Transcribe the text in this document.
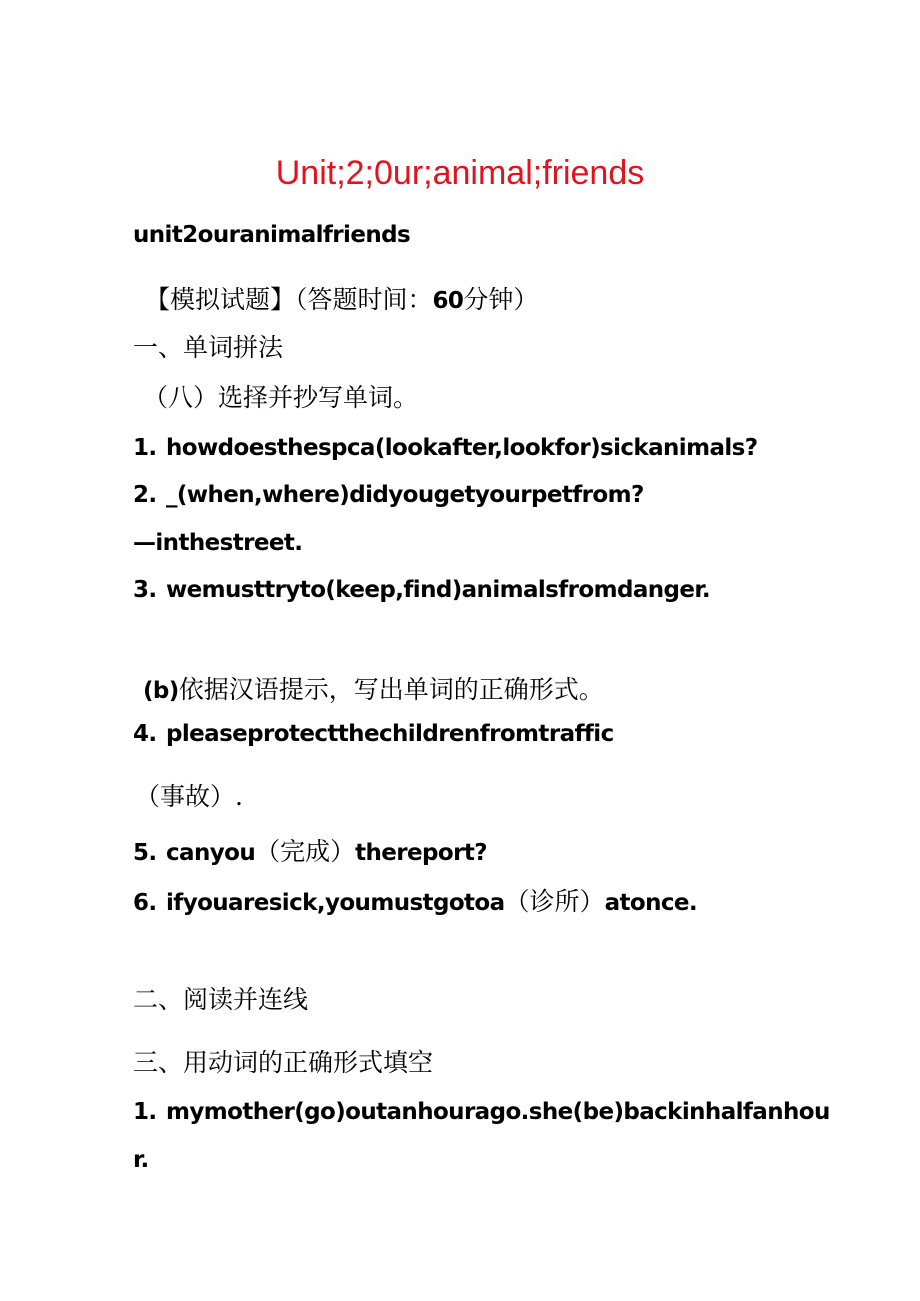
Unit;2;0ur;animal;friends
unit2ouranimalfriends
【模拟试题】（答题时间：60分钟）
一、单词拼法
（八）选择并抄写单词。
1. howdoesthespca(lookafter,lookfor)sickanimals?
2. _(when,where)didyougetyourpetfrom?
—inthestreet.
3. wemusttryto(keep,find)animalsfromdanger.
(b)依据汉语提示，写出单词的正确形式。
4. pleaseprotectthechildrenfromtraffic
（事故）.
5. canyou（完成）thereport?
6. ifyouaresick,youmustgotoa（诊所）atonce.
二、阅读并连线
三、用动词的正确形式填空
1. mymother(go)outanhourago.she(be)backinhalfanhou
r.
